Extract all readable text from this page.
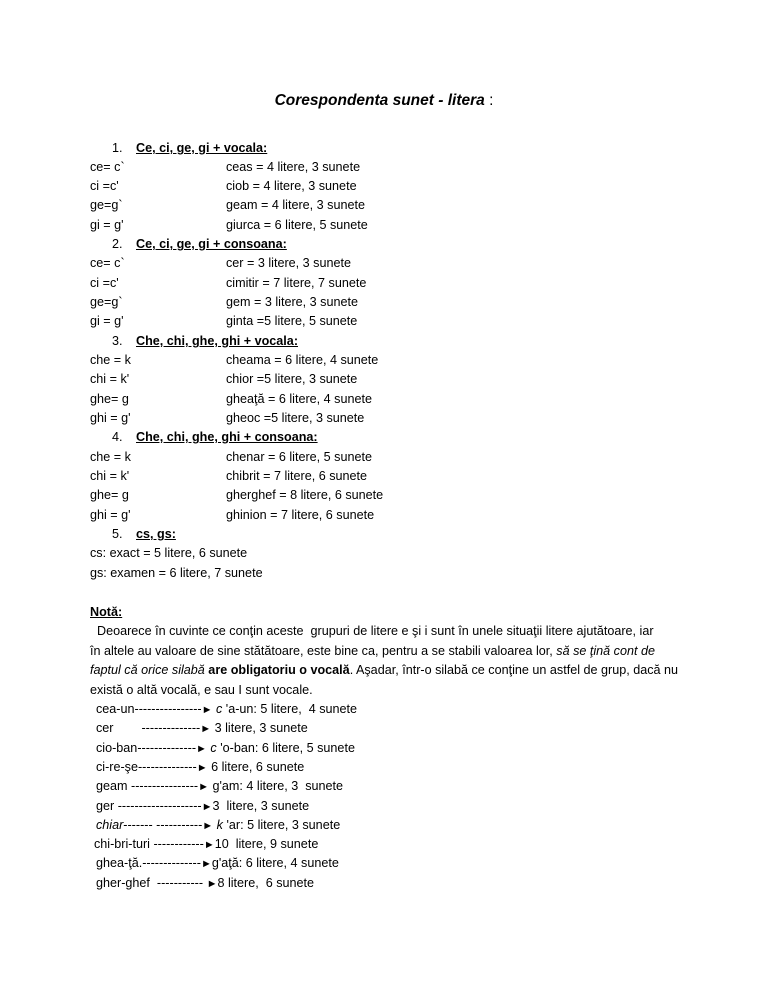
Corespondenta sunet - litera :
1. Ce, ci, ge, gi + vocala:
ce= c`	ceas = 4 litere, 3 sunete
ci =c'	ciob = 4 litere, 3 sunete
ge=g`	geam = 4 litere, 3 sunete
gi = g'	giurca = 6 litere, 5 sunete
2. Ce, ci, ge, gi + consoana:
ce= c`	cer = 3 litere, 3 sunete
ci =c'	cimitir = 7 litere, 7 sunete
ge=g`	gem = 3 litere, 3 sunete
gi = g'	ginta =5 litere, 5 sunete
3. Che, chi, ghe, ghi + vocala:
che = k	cheama = 6 litere, 4 sunete
chi = k'	chior =5 litere, 3 sunete
ghe= g	gheaţă = 6 litere, 4 sunete
ghi = g'	gheoc =5 litere, 3 sunete
4. Che, chi, ghe, ghi + consoana:
che = k	chenar = 6 litere, 5 sunete
chi = k'	chibrit = 7 litere, 6 sunete
ghe= g	gherghef = 8 litere, 6 sunete
ghi = g'	ghinion = 7 litere, 6 sunete
5. cs, gs:
cs: exact = 5 litere, 6 sunete
gs: examen = 6 litere, 7 sunete
Notă:
Deoarece în cuvinte ce conţin aceste  grupuri de litere e şi i sunt în unele situaţii litere ajutătoare, iar
în altele au valoare de sine stătătoare, este bine ca, pentru a se stabili valoarea lor, să se ţină cont de
faptul că orice silabă are obligatoriu o vocală. Aşadar, într-o silabă ce conţine un astfel de grup, dacă nu
există o altă vocală, e sau I sunt vocale.
cea-un----------------► c 'a-un: 5 litere,  4 sunete
cer        --------------► 3 litere, 3 sunete
cio-ban--------------► c 'o-ban: 6 litere, 5 sunete
ci-re-şe--------------► 6 litere, 6 sunete
geam ----------------► g'am: 4 litere, 3  sunete
ger --------------------►3  litere, 3 sunete
chiar------- -----------► k 'ar: 5 litere, 3 sunete
chi-bri-turi ------------►10  litere, 9 sunete
ghea-ţă.--------------►g'aţă: 6 litere, 4 sunete
gher-ghef  ----------- ►8 litere,  6 sunete
